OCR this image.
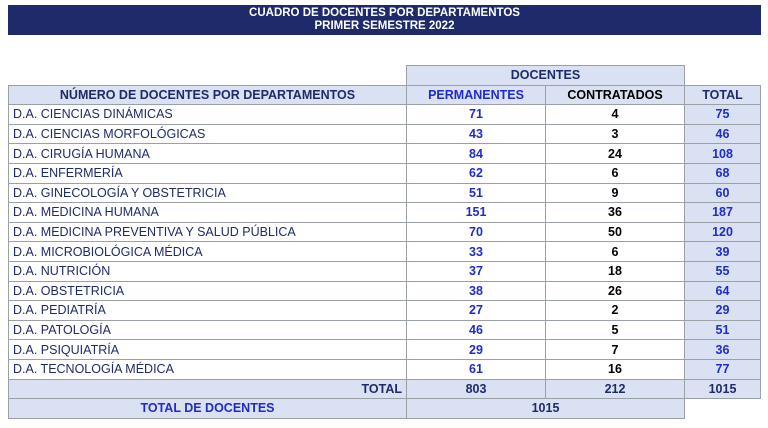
CUADRO DE DOCENTES POR DEPARTAMENTOS
PRIMER SEMESTRE 2022
	DOCENTES		
NÚMERO DE DOCENTES POR DEPARTAMENTOS	PERMANENTES	CONTRATADOS	TOTAL
D.A. CIENCIAS DINÁMICAS	71	4	75
D.A. CIENCIAS MORFOLÓGICAS	43	3	46
D.A. CIRUGÍA HUMANA	84	24	108
D.A. ENFERMERÍA	62	6	68
D.A. GINECOLOGÍA Y OBSTETRICIA	51	9	60
D.A. MEDICINA HUMANA	151	36	187
D.A. MEDICINA PREVENTIVA Y SALUD PÚBLICA	70	50	120
D.A. MICROBIOLÓGICA MÉDICA	33	6	39
D.A. NUTRICIÓN	37	18	55
D.A. OBSTETRICIA	38	26	64
D.A. PEDIATRÍA	27	2	29
D.A. PATOLOGÍA	46	5	51
D.A. PSIQUIATRÍA	29	7	36
D.A. TECNOLOGÍA MÉDICA	61	16	77
TOTAL	803	212	1015
TOTAL DE DOCENTES	1015		
